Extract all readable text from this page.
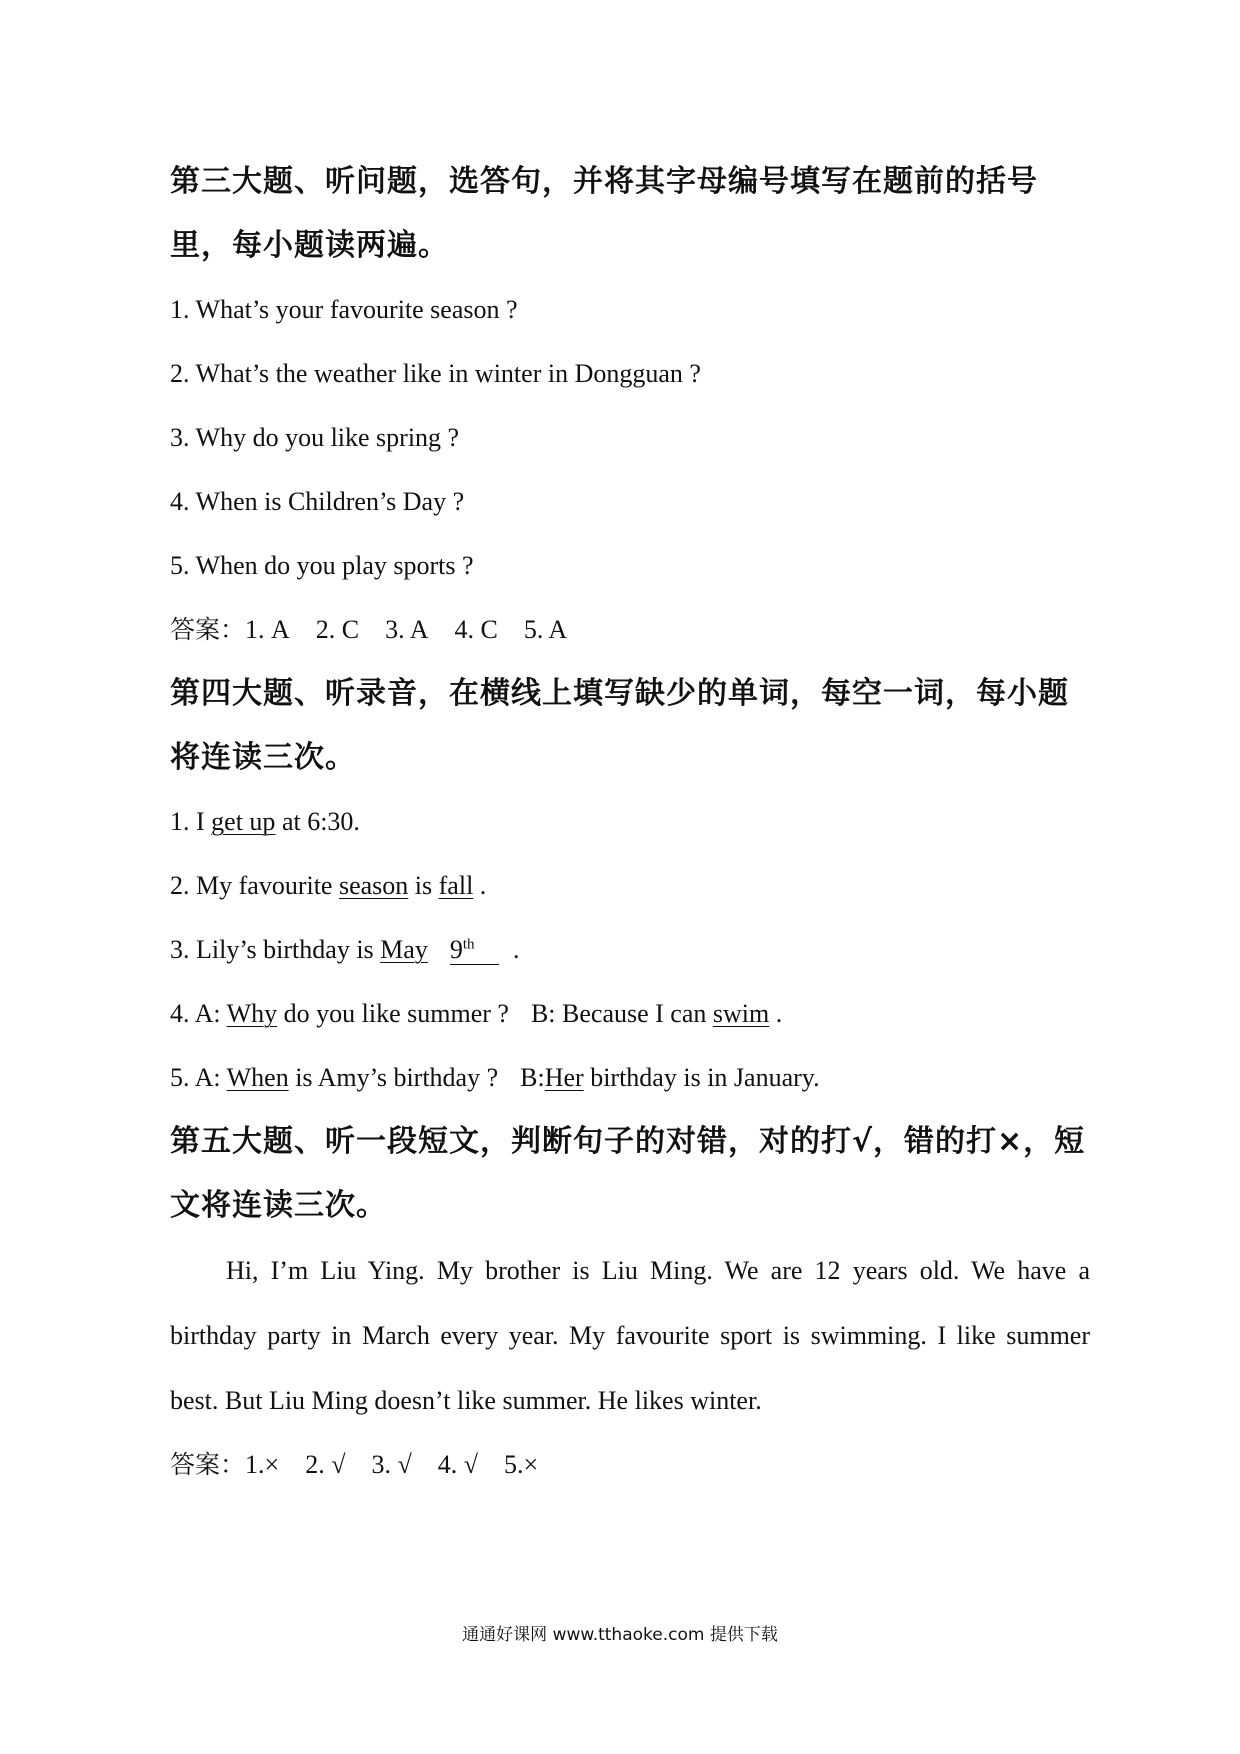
第三大题、听问题，选答句，并将其字母编号填写在题前的括号里，每小题读两遍。

1. What’s your favourite season ?

2. What’s the weather like in winter in Dongguan ?

3. Why do you like spring ?

4. When is Children’s Day ?

5. When do you play sports ?

答案：1. A 2. C 3. A 4. C 5. A

第四大题、听录音，在横线上填写缺少的单词，每空一词，每小题将连读三次。

1. I get up at 6:30.

2. My favourite season is fall .

3. Lily’s birthday is May 9th .

4. A: Why do you like summer ? B: Because I can swim .

5. A: When is Amy’s birthday ? B:Her birthday is in January.

第五大题、听一段短文，判断句子的对错，对的打√，错的打×，短文将连读三次。

Hi, I’m Liu Ying. My brother is Liu Ming. We are 12 years old. We have a birthday party in March every year. My favourite sport is swimming. I like summer best. But Liu Ming doesn’t like summer. He likes winter.

答案：1.× 2. √ 3. √ 4. √ 5.×
通通好课网 www.tthaoke.com 提供下载
